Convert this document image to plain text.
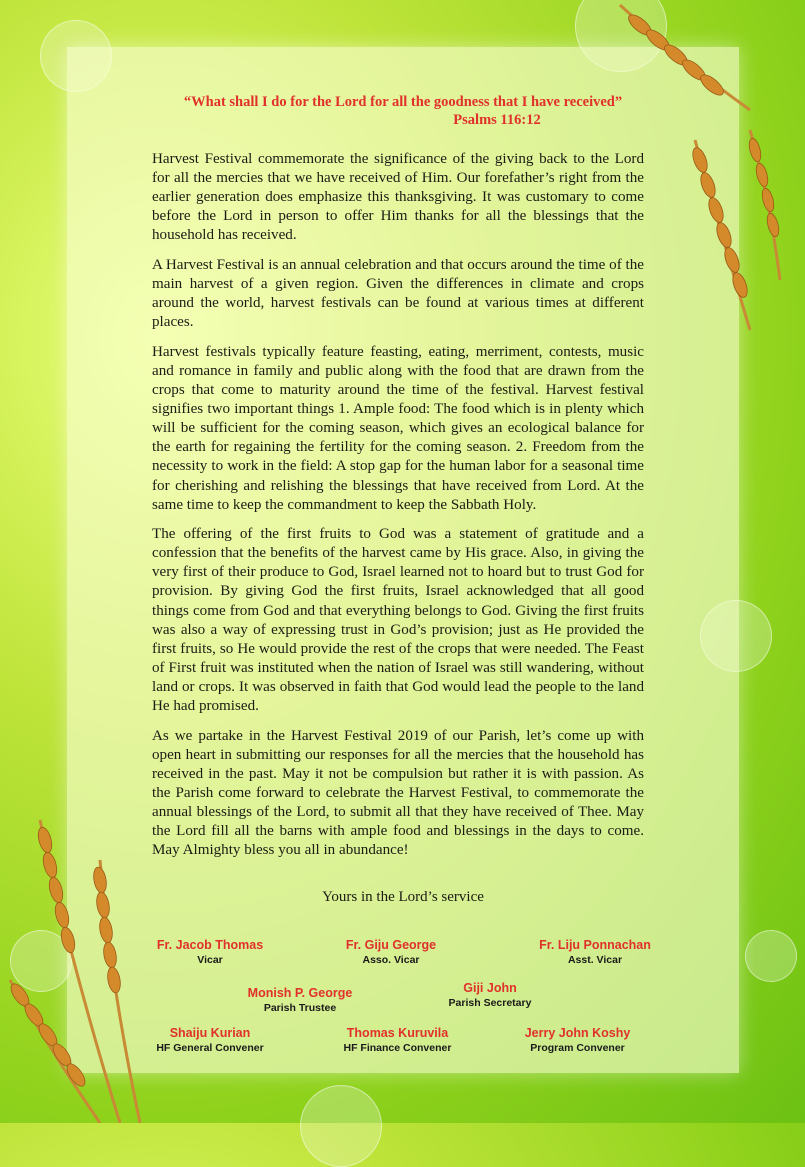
“What shall I do for the Lord for all the goodness that I have received”
Psalms 116:12

Harvest Festival commemorate the significance of the giving back to the Lord for all the mercies that we have received of Him. Our forefather’s right from the earlier generation does emphasize this thanksgiving. It was customary to come before the Lord in person to offer Him thanks for all the blessings that the household has received.

A Harvest Festival is an annual celebration and that occurs around the time of the main harvest of a given region. Given the differences in climate and crops around the world, harvest festivals can be found at various times at different places.

Harvest festivals typically feature feasting, eating, merriment, contests, music and romance in family and public along with the food that are drawn from the crops that come to maturity around the time of the festival. Harvest festival signifies two important things 1. Ample food: The food which is in plenty which will be sufficient for the coming season, which gives an ecological balance for the earth for regaining the fertility for the coming season. 2. Freedom from the necessity to work in the field: A stop gap for the human labor for a seasonal time for cherishing and relishing the blessings that have received from Lord. At the same time to keep the commandment to keep the Sabbath Holy.

The offering of the first fruits to God was a statement of gratitude and a confession that the benefits of the harvest came by His grace. Also, in giving the very first of their produce to God, Israel learned not to hoard but to trust God for provision. By giving God the first fruits, Israel acknowledged that all good things come from God and that everything belongs to God. Giving the first fruits was also a way of expressing trust in God’s provision; just as He provided the first fruits, so He would provide the rest of the crops that were needed. The Feast of First fruit was instituted when the nation of Israel was still wandering, without land or crops. It was observed in faith that God would lead the people to the land He had promised.

As we partake in the Harvest Festival 2019 of our Parish, let’s come up with open heart in submitting our responses for all the mercies that the household has received in the past. May it not be compulsion but rather it is with passion. As the Parish come forward to celebrate the Harvest Festival, to commemorate the annual blessings of the Lord, to submit all that they have received of Thee. May the Lord fill all the barns with ample food and blessings in the days to come. May Almighty bless you all in abundance!

Yours in the Lord’s service
Fr. Jacob Thomas
Vicar
Fr. Giju George
Asso. Vicar
Fr. Liju Ponnachan
Asst. Vicar
Monish P. George
Parish Trustee
Giji John
Parish Secretary
Shaiju Kurian
HF General Convener
Thomas Kuruvila
HF Finance Convener
Jerry John Koshy
Program Convener
